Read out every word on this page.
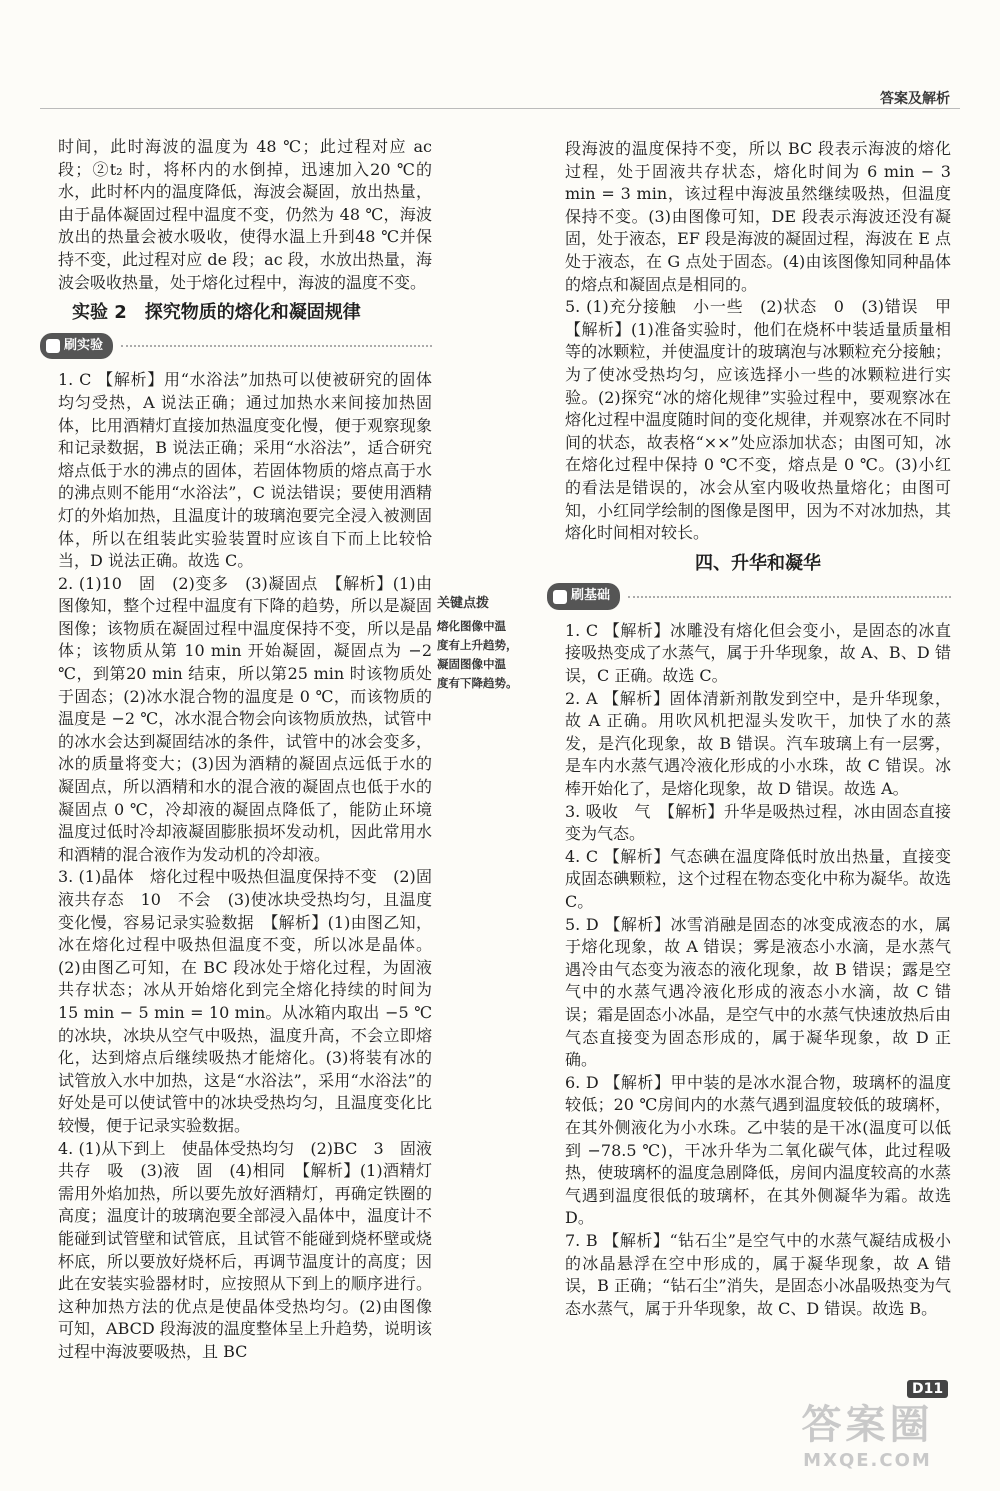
答案及解析

时间，此时海波的温度为 48 ℃；此过程对应 ac 段；②t₂ 时，将杯内的水倒掉，迅速加入20 ℃的水，此时杯内的温度降低，海波会凝固，放出热量，由于晶体凝固过程中温度不变，仍然为 48 ℃，海波放出的热量会被水吸收，使得水温上升到48 ℃并保持不变，此过程对应 de 段；ac 段，水放出热量，海波会吸收热量，处于熔化过程中，海波的温度不变。

实验 2　探究物质的熔化和凝固规律
刷实验

1. C 【解析】用“水浴法”加热可以使被研究的固体均匀受热，A 说法正确；通过加热水来间接加热固体，比用酒精灯直接加热温度变化慢，便于观察现象和记录数据，B 说法正确；采用“水浴法”，适合研究熔点低于水的沸点的固体，若固体物质的熔点高于水的沸点则不能用“水浴法”，C 说法错误；要使用酒精灯的外焰加热，且温度计的玻璃泡要完全浸入被测固体，所以在组装此实验装置时应该自下而上比较恰当，D 说法正确。故选 C。

2. (1)10　固　(2)变多　(3)凝固点　【解析】(1)由图像知，整个过程中温度有下降的趋势，所以是凝固图像；该物质在凝固过程中温度保持不变，所以是晶体；该物质从第 10 min 开始凝固，凝固点为 −2 ℃，到第20 min 结束，所以第25 min 时该物质处于固态；(2)冰水混合物的温度是 0 ℃，而该物质的温度是 −2 ℃，冰水混合物会向该物质放热，试管中的冰水会达到凝固结冰的条件，试管中的冰会变多，冰的质量将变大；(3)因为酒精的凝固点远低于水的凝固点，所以酒精和水的混合液的凝固点也低于水的凝固点 0 ℃，冷却液的凝固点降低了，能防止环境温度过低时冷却液凝固膨胀损坏发动机，因此常用水和酒精的混合液作为发动机的冷却液。

3. (1)晶体　熔化过程中吸热但温度保持不变　(2)固液共存态　10　不会　(3)使冰块受热均匀，且温度变化慢，容易记录实验数据　【解析】(1)由图乙知，冰在熔化过程中吸热但温度不变，所以冰是晶体。(2)由图乙可知，在 BC 段冰处于熔化过程，为固液共存状态；冰从开始熔化到完全熔化持续的时间为 15 min − 5 min = 10 min。从冰箱内取出 −5 ℃的冰块，冰块从空气中吸热，温度升高，不会立即熔化，达到熔点后继续吸热才能熔化。(3)将装有冰的试管放入水中加热，这是“水浴法”，采用“水浴法”的好处是可以使试管中的冰块受热均匀，且温度变化比较慢，便于记录实验数据。

4. (1)从下到上　使晶体受热均匀　(2)BC　3　固液共存　吸　(3)液　固　(4)相同　【解析】(1)酒精灯需用外焰加热，所以要先放好酒精灯，再确定铁圈的高度；温度计的玻璃泡要全部浸入晶体中，温度计不能碰到试管壁和试管底，且试管不能碰到烧杯壁或烧杯底，所以要放好烧杯后，再调节温度计的高度；因此在安装实验器材时，应按照从下到上的顺序进行。这种加热方法的优点是使晶体受热均匀。(2)由图像可知，ABCD 段海波的温度整体呈上升趋势，说明该过程中海波要吸热，且 BC

关键点拨
熔化图像中温
度有上升趋势，
凝固图像中温
度有下降趋势。

段海波的温度保持不变，所以 BC 段表示海波的熔化过程，处于固液共存状态，熔化时间为 6 min − 3 min = 3 min，该过程中海波虽然继续吸热，但温度保持不变。(3)由图像可知，DE 段表示海波还没有凝固，处于液态，EF 段是海波的凝固过程，海波在 E 点处于液态，在 G 点处于固态。(4)由该图像知同种晶体的熔点和凝固点是相同的。

5. (1)充分接触　小一些　(2)状态　0　(3)错误　甲　【解析】(1)准备实验时，他们在烧杯中装适量质量相等的冰颗粒，并使温度计的玻璃泡与冰颗粒充分接触；为了使冰受热均匀，应该选择小一些的冰颗粒进行实验。(2)探究“冰的熔化规律”实验过程中，要观察冰在熔化过程中温度随时间的变化规律，并观察冰在不同时间的状态，故表格“××”处应添加状态；由图可知，冰在熔化过程中保持 0 ℃不变，熔点是 0 ℃。(3)小红的看法是错误的，冰会从室内吸收热量熔化；由图可知，小红同学绘制的图像是图甲，因为不对冰加热，其熔化时间相对较长。

四、升华和凝华
刷基础

1. C 【解析】冰雕没有熔化但会变小，是固态的冰直接吸热变成了水蒸气，属于升华现象，故 A、B、D 错误，C 正确。故选 C。

2. A 【解析】固体清新剂散发到空中，是升华现象，故 A 正确。用吹风机把湿头发吹干，加快了水的蒸发，是汽化现象，故 B 错误。汽车玻璃上有一层雾，是车内水蒸气遇冷液化形成的小水珠，故 C 错误。冰棒开始化了，是熔化现象，故 D 错误。故选 A。

3. 吸收　气　【解析】升华是吸热过程，冰由固态直接变为气态。

4. C 【解析】气态碘在温度降低时放出热量，直接变成固态碘颗粒，这个过程在物态变化中称为凝华。故选 C。

5. D 【解析】冰雪消融是固态的冰变成液态的水，属于熔化现象，故 A 错误；雾是液态小水滴，是水蒸气遇冷由气态变为液态的液化现象，故 B 错误；露是空气中的水蒸气遇冷液化形成的液态小水滴，故 C 错误；霜是固态小冰晶，是空气中的水蒸气快速放热后由气态直接变为固态形成的，属于凝华现象，故 D 正确。

6. D 【解析】甲中装的是冰水混合物，玻璃杯的温度较低；20 ℃房间内的水蒸气遇到温度较低的玻璃杯，在其外侧液化为小水珠。乙中装的是干冰(温度可以低到 −78.5 ℃)，干冰升华为二氧化碳气体，此过程吸热，使玻璃杯的温度急剧降低，房间内温度较高的水蒸气遇到温度很低的玻璃杯，在其外侧凝华为霜。故选 D。

7. B 【解析】“钻石尘”是空气中的水蒸气凝结成极小的冰晶悬浮在空中形成的，属于凝华现象，故 A 错误，B 正确；“钻石尘”消失，是固态小冰晶吸热变为气态水蒸气，属于升华现象，故 C、D 错误。故选 B。

D11
答案圈
MXQE.COM
